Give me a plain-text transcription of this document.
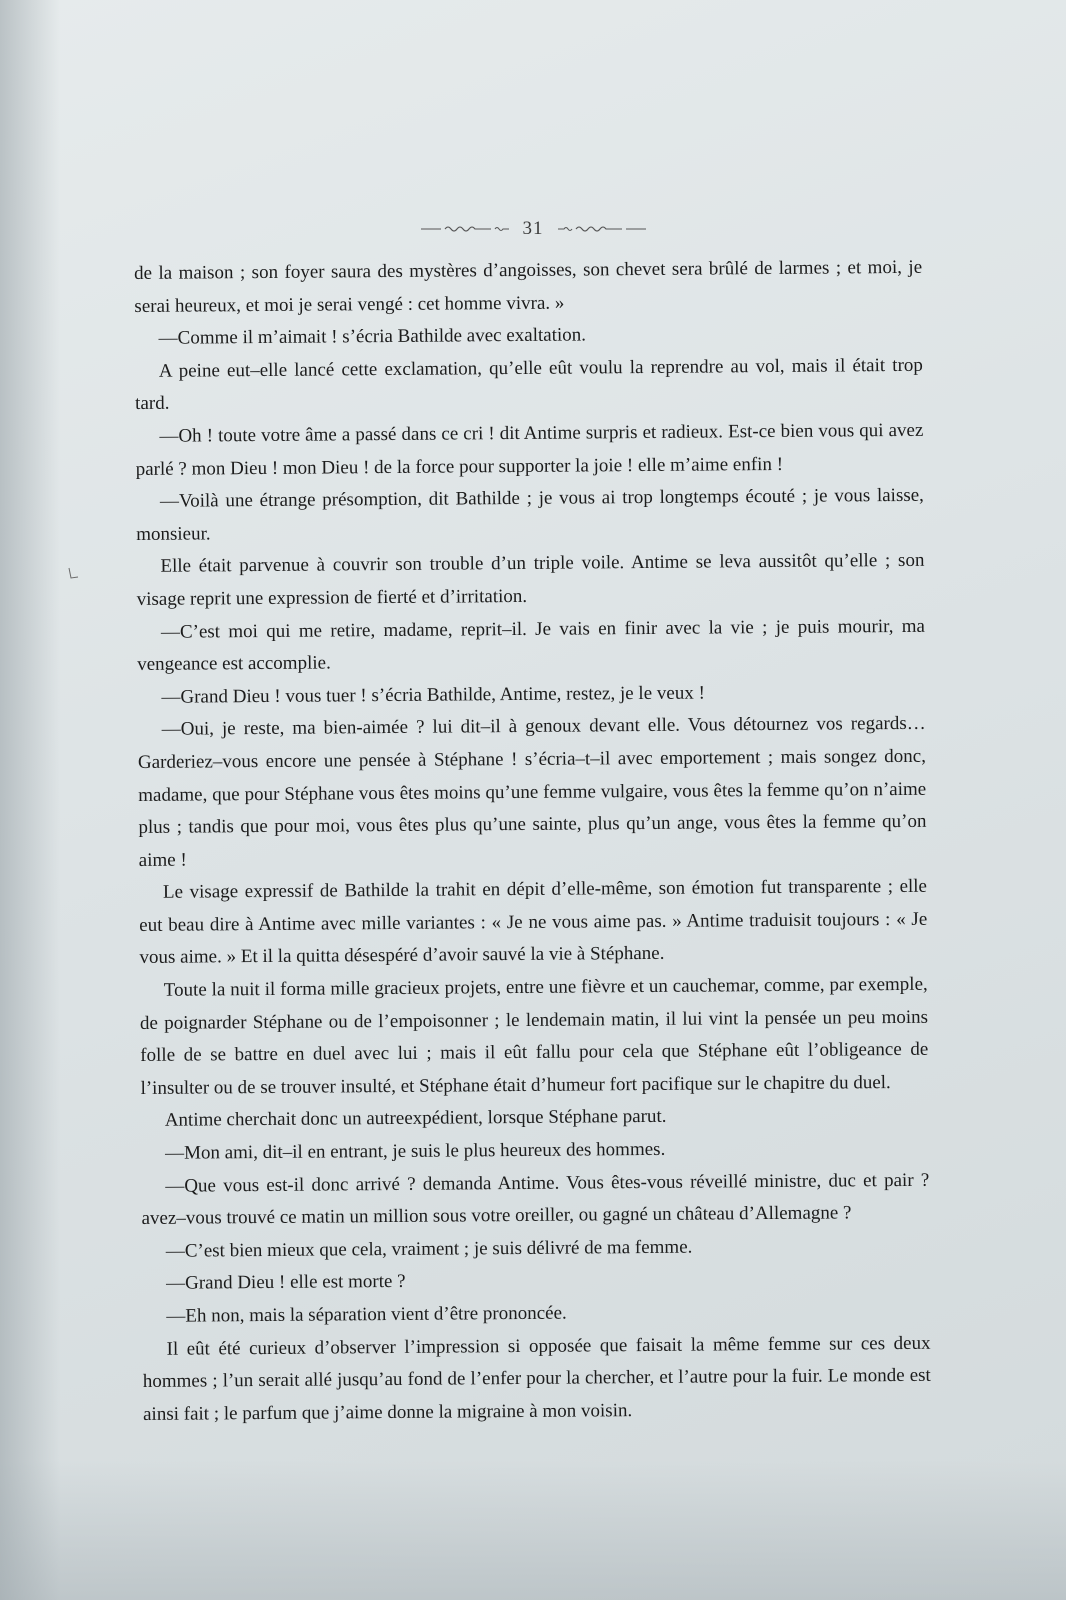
31

de la maison ; son foyer saura des mystères d’angoisses, son chevet sera brûlé de larmes ; et moi, je serai heureux, et moi je serai vengé : cet homme vivra. »

—Comme il m’aimait ! s’écria Bathilde avec exaltation.

A peine eut–elle lancé cette exclamation, qu’elle eût voulu la reprendre au vol, mais il était trop tard.

—Oh ! toute votre âme a passé dans ce cri ! dit Antime surpris et radieux. Est-ce bien vous qui avez parlé ? mon Dieu ! mon Dieu ! de la force pour supporter la joie ! elle m’aime enfin !

—Voilà une étrange présomption, dit Bathilde ; je vous ai trop longtemps écouté ; je vous laisse, monsieur.

Elle était parvenue à couvrir son trouble d’un triple voile. Antime se leva aussitôt qu’elle ; son visage reprit une expression de fierté et d’irritation.

—C’est moi qui me retire, madame, reprit–il. Je vais en finir avec la vie ; je puis mourir, ma vengeance est accomplie.

—Grand Dieu ! vous tuer ! s’écria Bathilde, Antime, restez, je le veux !

—Oui, je reste, ma bien-aimée ? lui dit–il à genoux devant elle. Vous détournez vos regards… Garderiez–vous encore une pensée à Stéphane ! s’écria–t–il avec emportement ; mais songez donc, madame, que pour Stéphane vous êtes moins qu’une femme vulgaire, vous êtes la femme qu’on n’aime plus ; tandis que pour moi, vous êtes plus qu’une sainte, plus qu’un ange, vous êtes la femme qu’on aime !

Le visage expressif de Bathilde la trahit en dépit d’elle-même, son émotion fut transparente ; elle eut beau dire à Antime avec mille variantes : « Je ne vous aime pas. » Antime traduisit toujours : « Je vous aime. » Et il la quitta désespéré d’avoir sauvé la vie à Stéphane.

Toute la nuit il forma mille gracieux projets, entre une fièvre et un cauchemar, comme, par exemple, de poignarder Stéphane ou de l’empoisonner ; le lendemain matin, il lui vint la pensée un peu moins folle de se battre en duel avec lui ; mais il eût fallu pour cela que Stéphane eût l’obligeance de l’insulter ou de se trouver insulté, et Stéphane était d’humeur fort pacifique sur le chapitre du duel.

Antime cherchait donc un autreexpédient, lorsque Stéphane parut.

—Mon ami, dit–il en entrant, je suis le plus heureux des hommes.

—Que vous est-il donc arrivé ? demanda Antime. Vous êtes-vous réveillé ministre, duc et pair ? avez–vous trouvé ce matin un million sous votre oreiller, ou gagné un château d’Allemagne ?

—C’est bien mieux que cela, vraiment ; je suis délivré de ma femme.

—Grand Dieu ! elle est morte ?

—Eh non, mais la séparation vient d’être prononcée.

Il eût été curieux d’observer l’impression si opposée que faisait la même femme sur ces deux hommes ; l’un serait allé jusqu’au fond de l’enfer pour la chercher, et l’autre pour la fuir. Le monde est ainsi fait ; le parfum que j’aime donne la migraine à mon voisin.
